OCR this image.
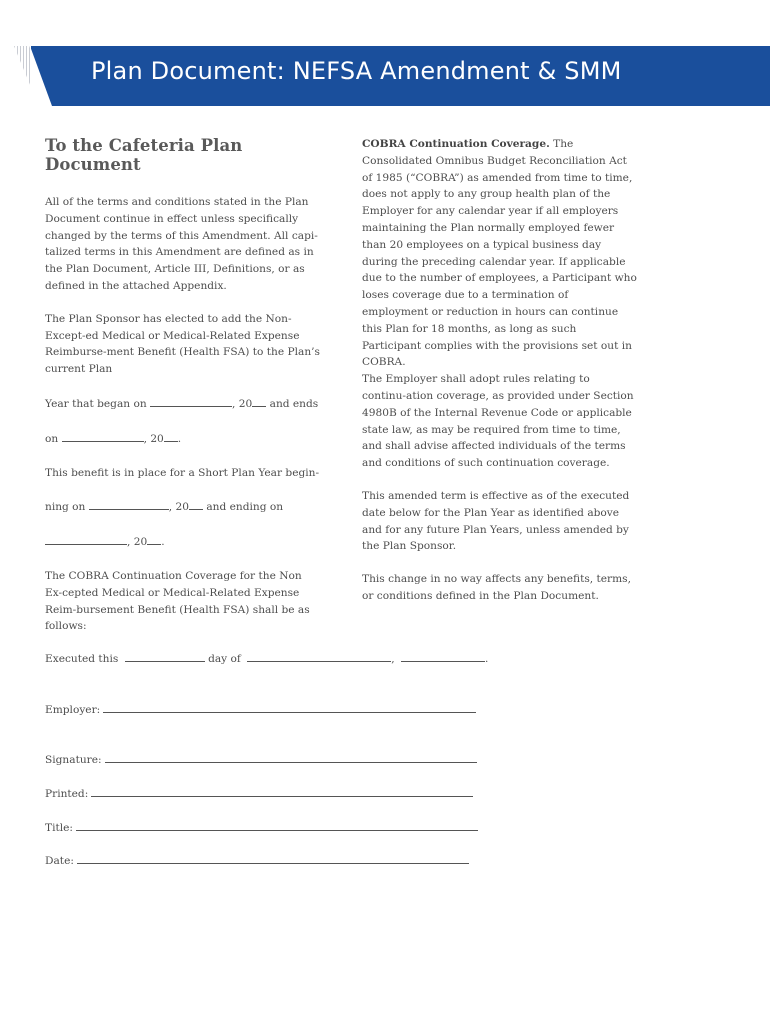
Plan Document: NEFSA Amendment & SMM
To the Cafeteria Plan Document

All of the terms and conditions stated in the Plan Document continue in effect unless specifically changed by the terms of this Amendment. All capi-talized terms in this Amendment are defined as in the Plan Document, Article III, Definitions, or as defined in the attached Appendix.

The Plan Sponsor has elected to add the Non-Except-ed Medical or Medical-Related Expense Reimburse-ment Benefit (Health FSA) to the Plan’s current Plan

Year that began on	, 20 and ends

on	, 20 .

This benefit is in place for a Short Plan Year begin-

ning on	, 20 and ending on

, 20 .

The COBRA Continuation Coverage for the Non Ex-cepted Medical or Medical-Related Expense Reim-bursement Benefit (Health FSA) shall be as follows:

COBRA Continuation Coverage. The Consolidated Omnibus Budget Reconciliation Act of 1985 (“COBRA”) as amended from time to time, does not apply to any group health plan of the Employer for any calendar year if all employers maintaining the Plan normally employed fewer than 20 employees on a typical business day during the preceding calendar year. If applicable due to the number of employees, a Participant who loses coverage due to a termination of employment or reduction in hours can continue this Plan for 18 months, as long as such Participant complies with the provisions set out in COBRA.

The Employer shall adopt rules relating to continu-ation coverage, as provided under Section 4980B of the Internal Revenue Code or applicable state law, as may be required from time to time, and shall advise affected individuals of the terms and conditions of such continuation coverage.

This amended term is effective as of the executed date below for the Plan Year as identified above and for any future Plan Years, unless amended by the Plan Sponsor.

This change in no way affects any benefits, terms, or conditions defined in the Plan Document.

Executed this	day of	,	.
Employer:
Signature:
Printed:
Title:
Date:
